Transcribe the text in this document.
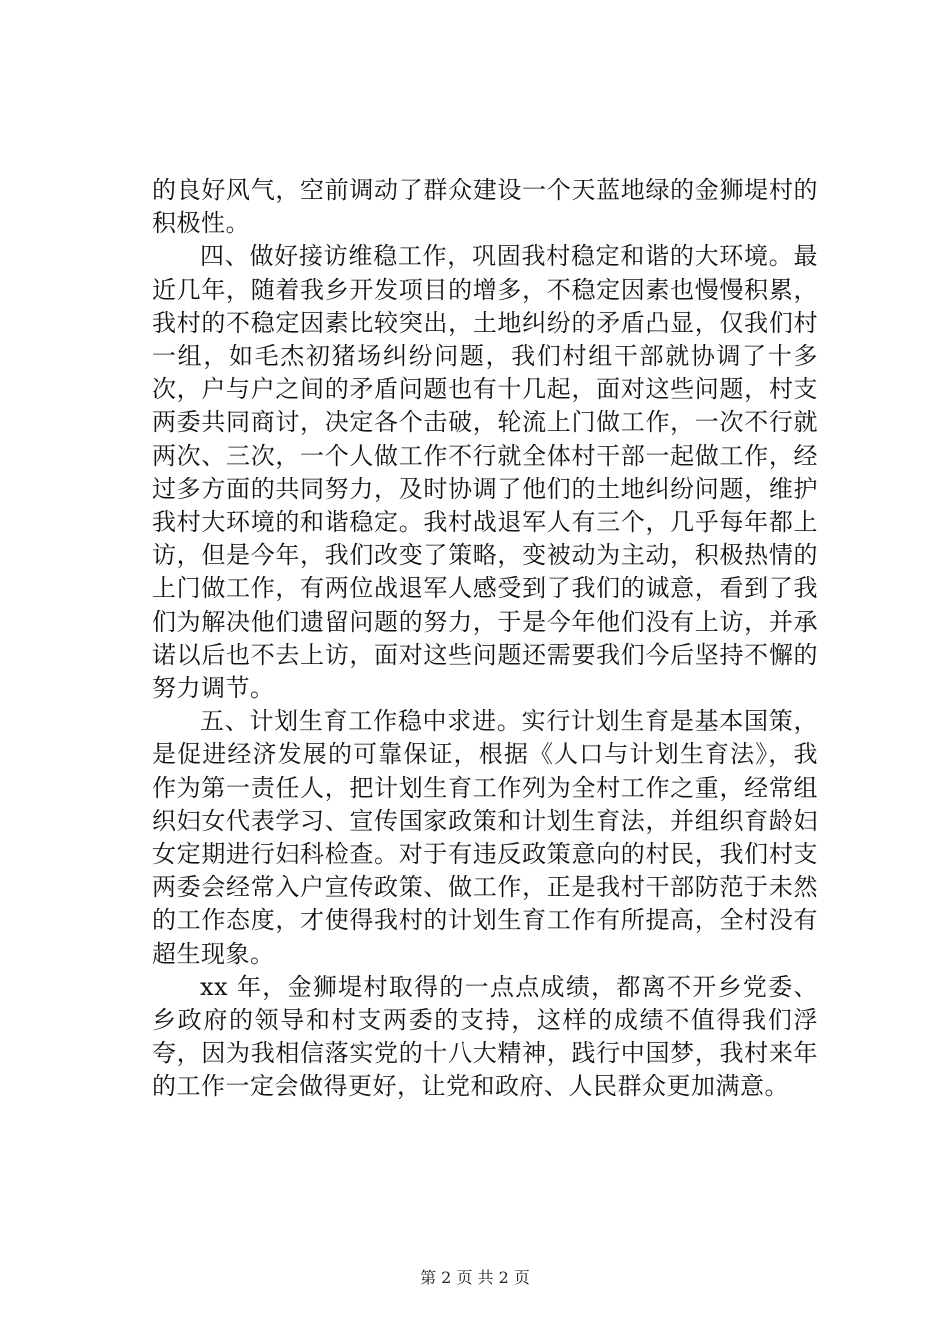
的良好风气，空前调动了群众建设一个天蓝地绿的金狮堤村的积极性。

四、做好接访维稳工作，巩固我村稳定和谐的大环境。最近几年，随着我乡开发项目的增多，不稳定因素也慢慢积累，我村的不稳定因素比较突出，土地纠纷的矛盾凸显，仅我们村一组，如毛杰初猪场纠纷问题，我们村组干部就协调了十多次，户与户之间的矛盾问题也有十几起，面对这些问题，村支两委共同商讨，决定各个击破，轮流上门做工作，一次不行就两次、三次，一个人做工作不行就全体村干部一起做工作，经过多方面的共同努力，及时协调了他们的土地纠纷问题，维护我村大环境的和谐稳定。我村战退军人有三个，几乎每年都上访，但是今年，我们改变了策略，变被动为主动，积极热情的上门做工作，有两位战退军人感受到了我们的诚意，看到了我们为解决他们遗留问题的努力，于是今年他们没有上访，并承诺以后也不去上访，面对这些问题还需要我们今后坚持不懈的努力调节。

五、计划生育工作稳中求进。实行计划生育是基本国策，是促进经济发展的可靠保证，根据《人口与计划生育法》，我作为第一责任人，把计划生育工作列为全村工作之重，经常组织妇女代表学习、宣传国家政策和计划生育法，并组织育龄妇女定期进行妇科检查。对于有违反政策意向的村民，我们村支两委会经常入户宣传政策、做工作，正是我村干部防范于未然的工作态度，才使得我村的计划生育工作有所提高，全村没有超生现象。

xx 年，金狮堤村取得的一点点成绩，都离不开乡党委、乡政府的领导和村支两委的支持，这样的成绩不值得我们浮夸，因为我相信落实党的十八大精神，践行中国梦，我村来年的工作一定会做得更好，让党和政府、人民群众更加满意。

第 2 页 共 2 页
